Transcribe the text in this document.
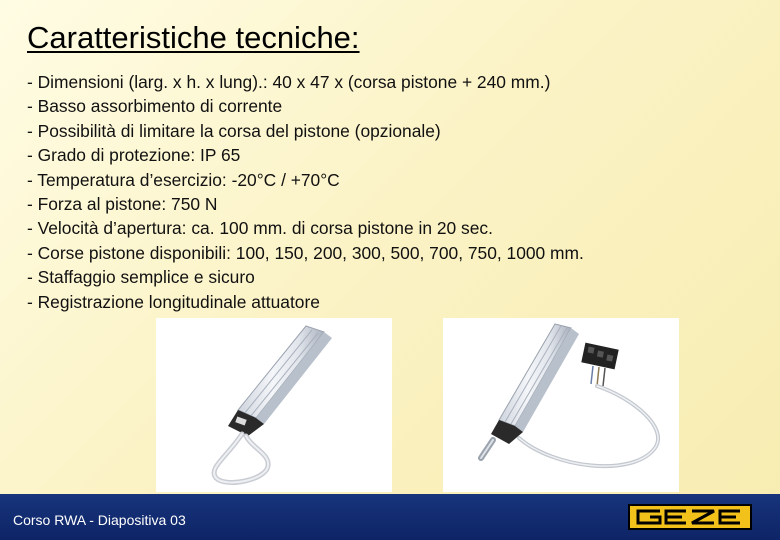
Caratteristiche tecniche:
- Dimensioni (larg. x h. x lung).: 40 x 47 x (corsa pistone + 240 mm.)
- Basso assorbimento di corrente
- Possibilità di limitare la corsa del pistone (opzionale)
- Grado di protezione: IP 65
- Temperatura d’esercizio: -20°C / +70°C
- Forza al pistone: 750 N
- Velocità d’apertura: ca. 100 mm. di corsa pistone in 20 sec.
- Corse pistone disponibili: 100, 150, 200, 300, 500, 700, 750, 1000 mm.
- Staffaggio semplice e sicuro
- Registrazione longitudinale attuatore
Corso RWA - Diapositiva 03
